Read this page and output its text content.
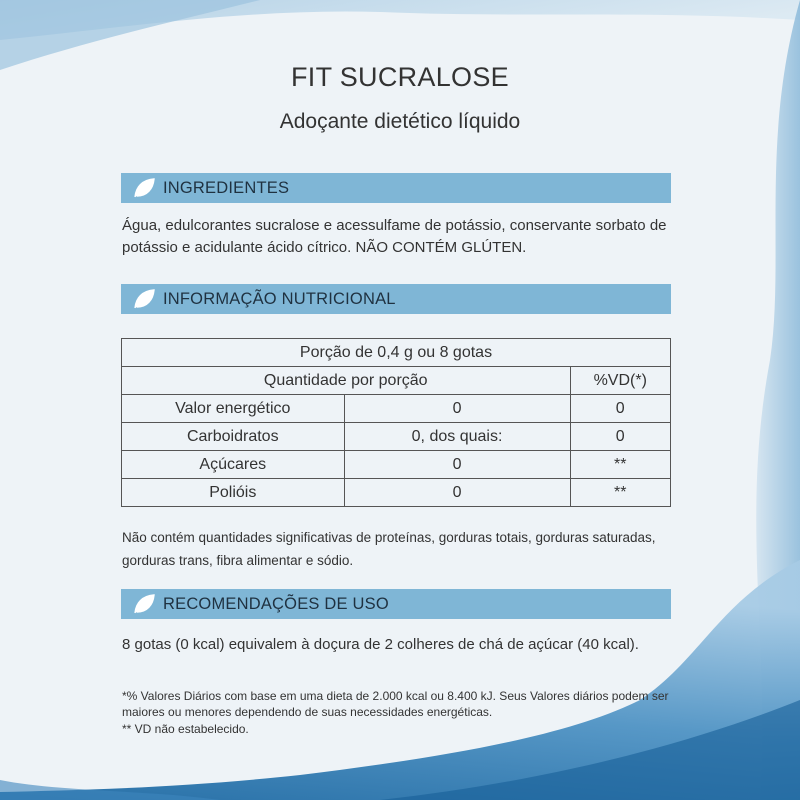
FIT SUCRALOSE
Adoçante dietético líquido
INGREDIENTES
Água, edulcorantes sucralose e acessulfame de potássio, conservante sorbato de potássio e acidulante ácido cítrico. NÃO CONTÉM GLÚTEN.
INFORMAÇÃO NUTRICIONAL
Porção de 0,4 g ou 8 gotas		
Quantidade por porção		%VD(*)
Valor energético	0	0
Carboidratos	0, dos quais:	0
Açúcares	0	**
Polióis	0	**
Não contém quantidades significativas de proteínas, gorduras totais, gorduras saturadas, gorduras trans, fibra alimentar e sódio.
RECOMENDAÇÕES DE USO
8 gotas (0 kcal) equivalem à doçura de 2 colheres de chá de açúcar (40 kcal).
*% Valores Diários com base em uma dieta de 2.000 kcal ou 8.400 kJ. Seus Valores diários podem ser maiores ou menores dependendo de suas necessidades energéticas.
** VD não estabelecido.
